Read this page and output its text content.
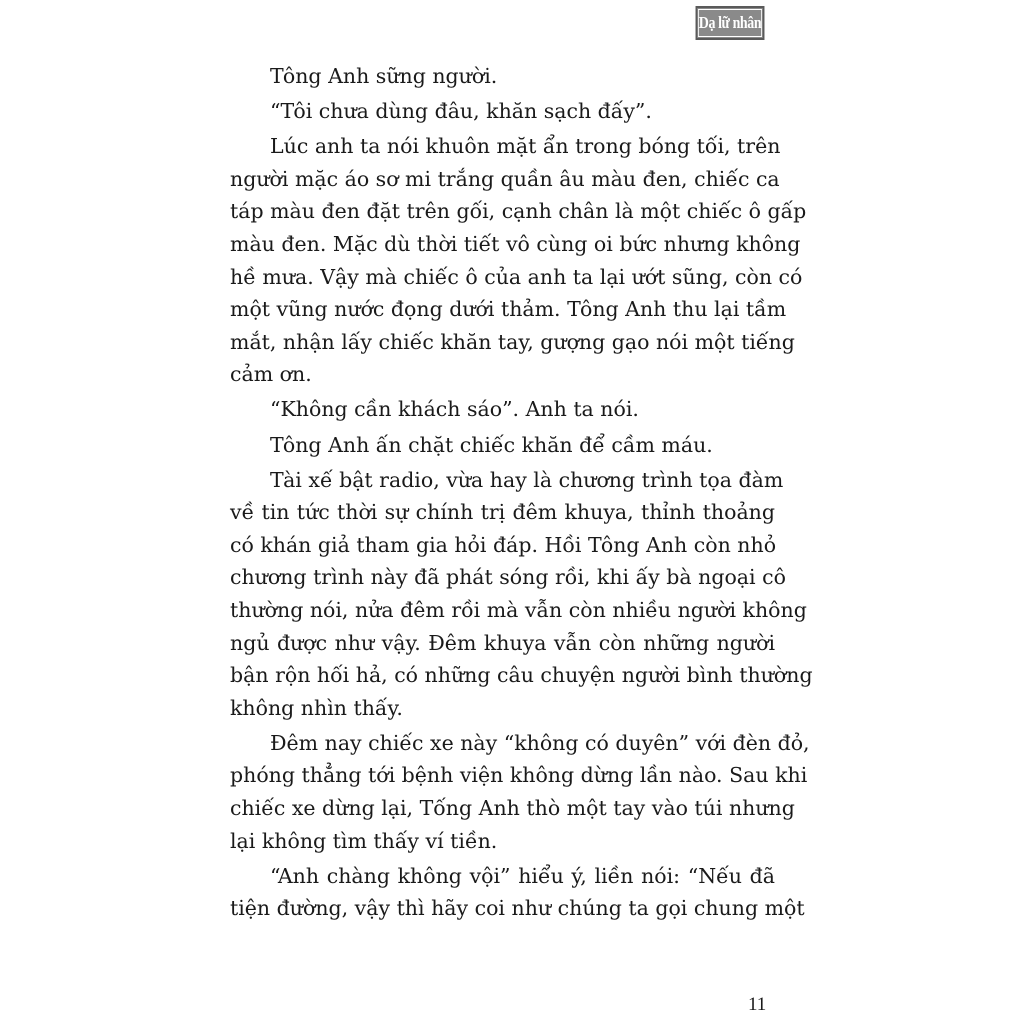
Dạ lữ nhân
Tông Anh sững người.
“Tôi chưa dùng đâu, khăn sạch đấy”.
Lúc anh ta nói khuôn mặt ẩn trong bóng tối, trên
người mặc áo sơ mi trắng quần âu màu đen, chiếc ca
táp màu đen đặt trên gối, cạnh chân là một chiếc ô gấp
màu đen. Mặc dù thời tiết vô cùng oi bức nhưng không
hề mưa. Vậy mà chiếc ô của anh ta lại ướt sũng, còn có
một vũng nước đọng dưới thảm. Tông Anh thu lại tầm
mắt, nhận lấy chiếc khăn tay, gượng gạo nói một tiếng
cảm ơn.
“Không cần khách sáo”. Anh ta nói.
Tông Anh ấn chặt chiếc khăn để cầm máu.
Tài xế bật radio, vừa hay là chương trình tọa đàm
về tin tức thời sự chính trị đêm khuya, thỉnh thoảng
có khán giả tham gia hỏi đáp. Hồi Tông Anh còn nhỏ
chương trình này đã phát sóng rồi, khi ấy bà ngoại cô
thường nói, nửa đêm rồi mà vẫn còn nhiều người không
ngủ được như vậy. Đêm khuya vẫn còn những người
bận rộn hối hả, có những câu chuyện người bình thường
không nhìn thấy.
Đêm nay chiếc xe này “không có duyên” với đèn đỏ,
phóng thẳng tới bệnh viện không dừng lần nào. Sau khi
chiếc xe dừng lại, Tống Anh thò một tay vào túi nhưng
lại không tìm thấy ví tiền.
“Anh chàng không vội” hiểu ý, liền nói: “Nếu đã
tiện đường, vậy thì hãy coi như chúng ta gọi chung một
11
